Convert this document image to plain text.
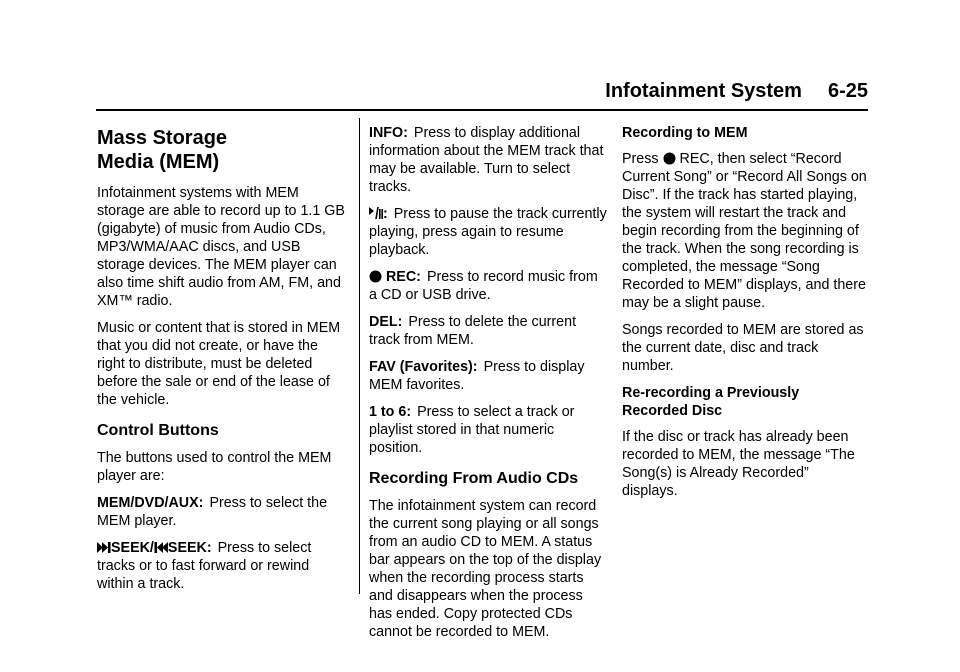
Infotainment System 6-25
Mass Storage
Media (MEM)

Infotainment systems with MEM storage are able to record up to 1.1 GB (gigabyte) of music from Audio CDs, MP3/WMA/AAC discs, and USB storage devices. The MEM player can also time shift audio from AM, FM, and XM™ radio.

Music or content that is stored in MEM that you did not create, or have the right to distribute, must be deleted before the sale or end of the lease of the vehicle.

Control Buttons

The buttons used to control the MEM player are:

MEM/DVD/AUX: Press to select the MEM player.

SEEK/ SEEK: Press to select tracks or to fast forward or rewind within a track.

INFO: Press to display additional information about the MEM track that may be available. Turn to select tracks.

: Press to pause the track currently playing, press again to resume playback.

REC: Press to record music from a CD or USB drive.

DEL: Press to delete the current track from MEM.

FAV (Favorites): Press to display MEM favorites.

1 to 6: Press to select a track or playlist stored in that numeric position.

Recording From Audio CDs

The infotainment system can record the current song playing or all songs from an audio CD to MEM. A status bar appears on the top of the display when the recording process starts and disappears when the process has ended. Copy protected CDs cannot be recorded to MEM.

Recording to MEM

Press REC, then select “Record Current Song” or “Record All Songs on Disc”. If the track has started playing, the system will restart the track and begin recording from the beginning of the track. When the song recording is completed, the message “Song Recorded to MEM” displays, and there may be a slight pause.

Songs recorded to MEM are stored as the current date, disc and track number.

Re-recording a Previously Recorded Disc

If the disc or track has already been recorded to MEM, the message “The Song(s) is Already Recorded” displays.
